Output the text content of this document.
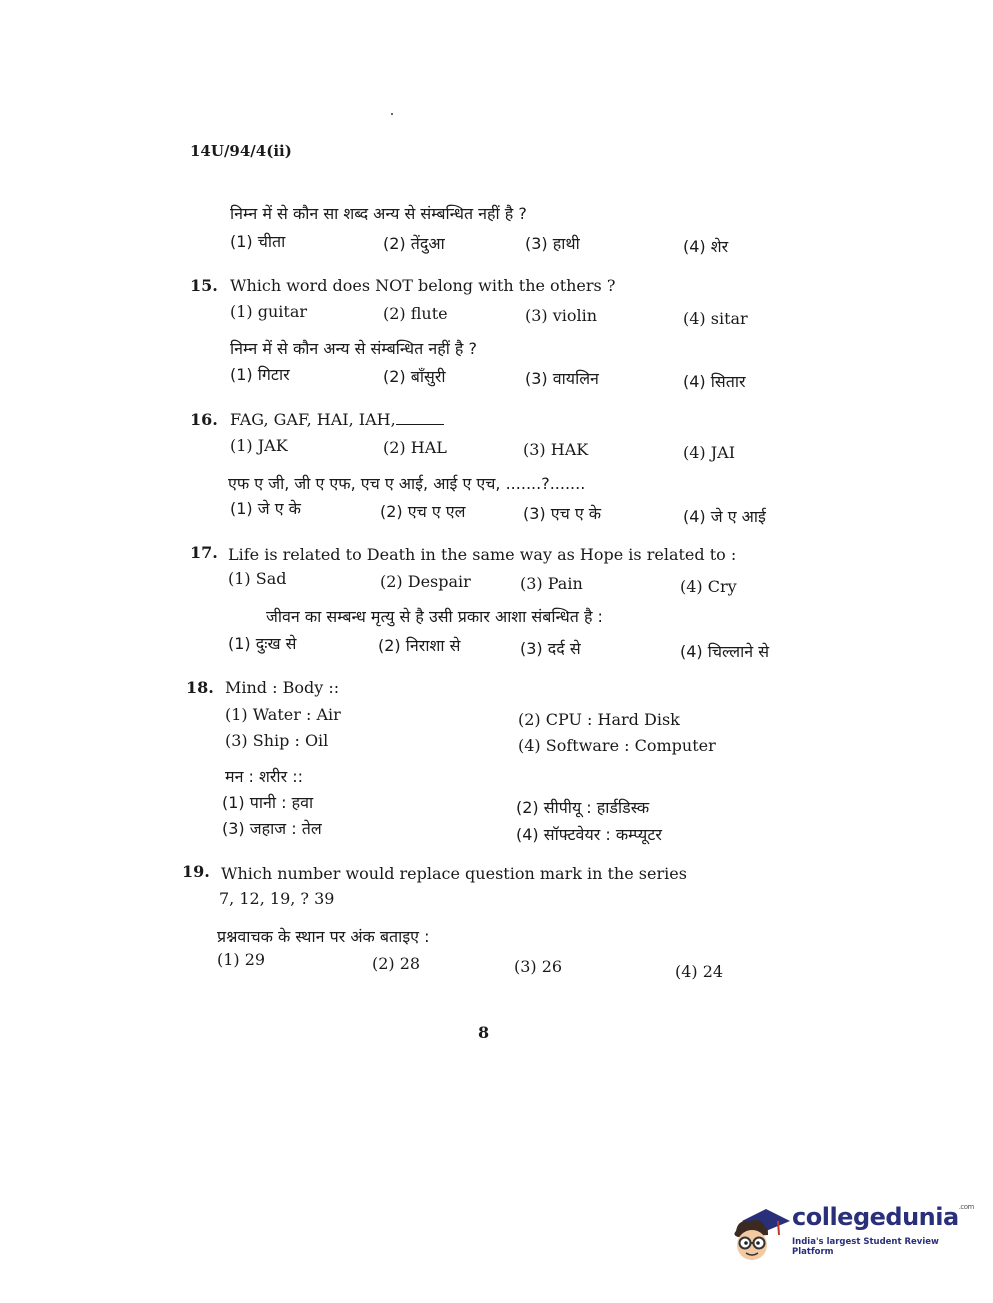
14U/94/4(ii)
निम्न में से कौन सा शब्द अन्य से संम्बन्धित नहीं है ?
(1) चीता	(2) तेंदुआ	(3) हाथी	(4) शेर
15. Which word does NOT belong with the others ?
(1) guitar	(2) flute	(3) violin	(4) sitar
निम्न में से कौन अन्य से संम्बन्धित नहीं है ?
(1) गिटार	(2) बाँसुरी	(3) वायलिन	(4) सितार
16. FAG, GAF, HAI, IAH,
(1) JAK	(2) HAL	(3) HAK	(4) JAI
एफ ए जी, जी ए एफ, एच ए आई, आई ए एच, .......?.......
(1) जे ए के	(2) एच ए एल	(3) एच ए के	(4) जे ए आई
17. Life is related to Death in the same way as Hope is related to :
(1) Sad	(2) Despair	(3) Pain	(4) Cry
जीवन का सम्बन्ध मृत्यु से है उसी प्रकार आशा संबन्धित है :
(1) दुःख से	(2) निराशा से	(3) दर्द से	(4) चिल्लाने से
18. Mind : Body ::
(1) Water : Air	(2) CPU : Hard Disk
(3) Ship : Oil	(4) Software : Computer
मन : शरीर ::
(1) पानी : हवा	(2) सीपीयू : हार्डडिस्क
(3) जहाज : तेल	(4) सॉफ्टवेयर : कम्प्यूटर
19. Which number would replace question mark in the series
7, 12, 19, ? 39
प्रश्नवाचक के स्थान पर अंक बताइए :
(1) 29	(2) 28	(3) 26	(4) 24
8
collegedunia$^{.com}$
India's largest Student Review Platform
